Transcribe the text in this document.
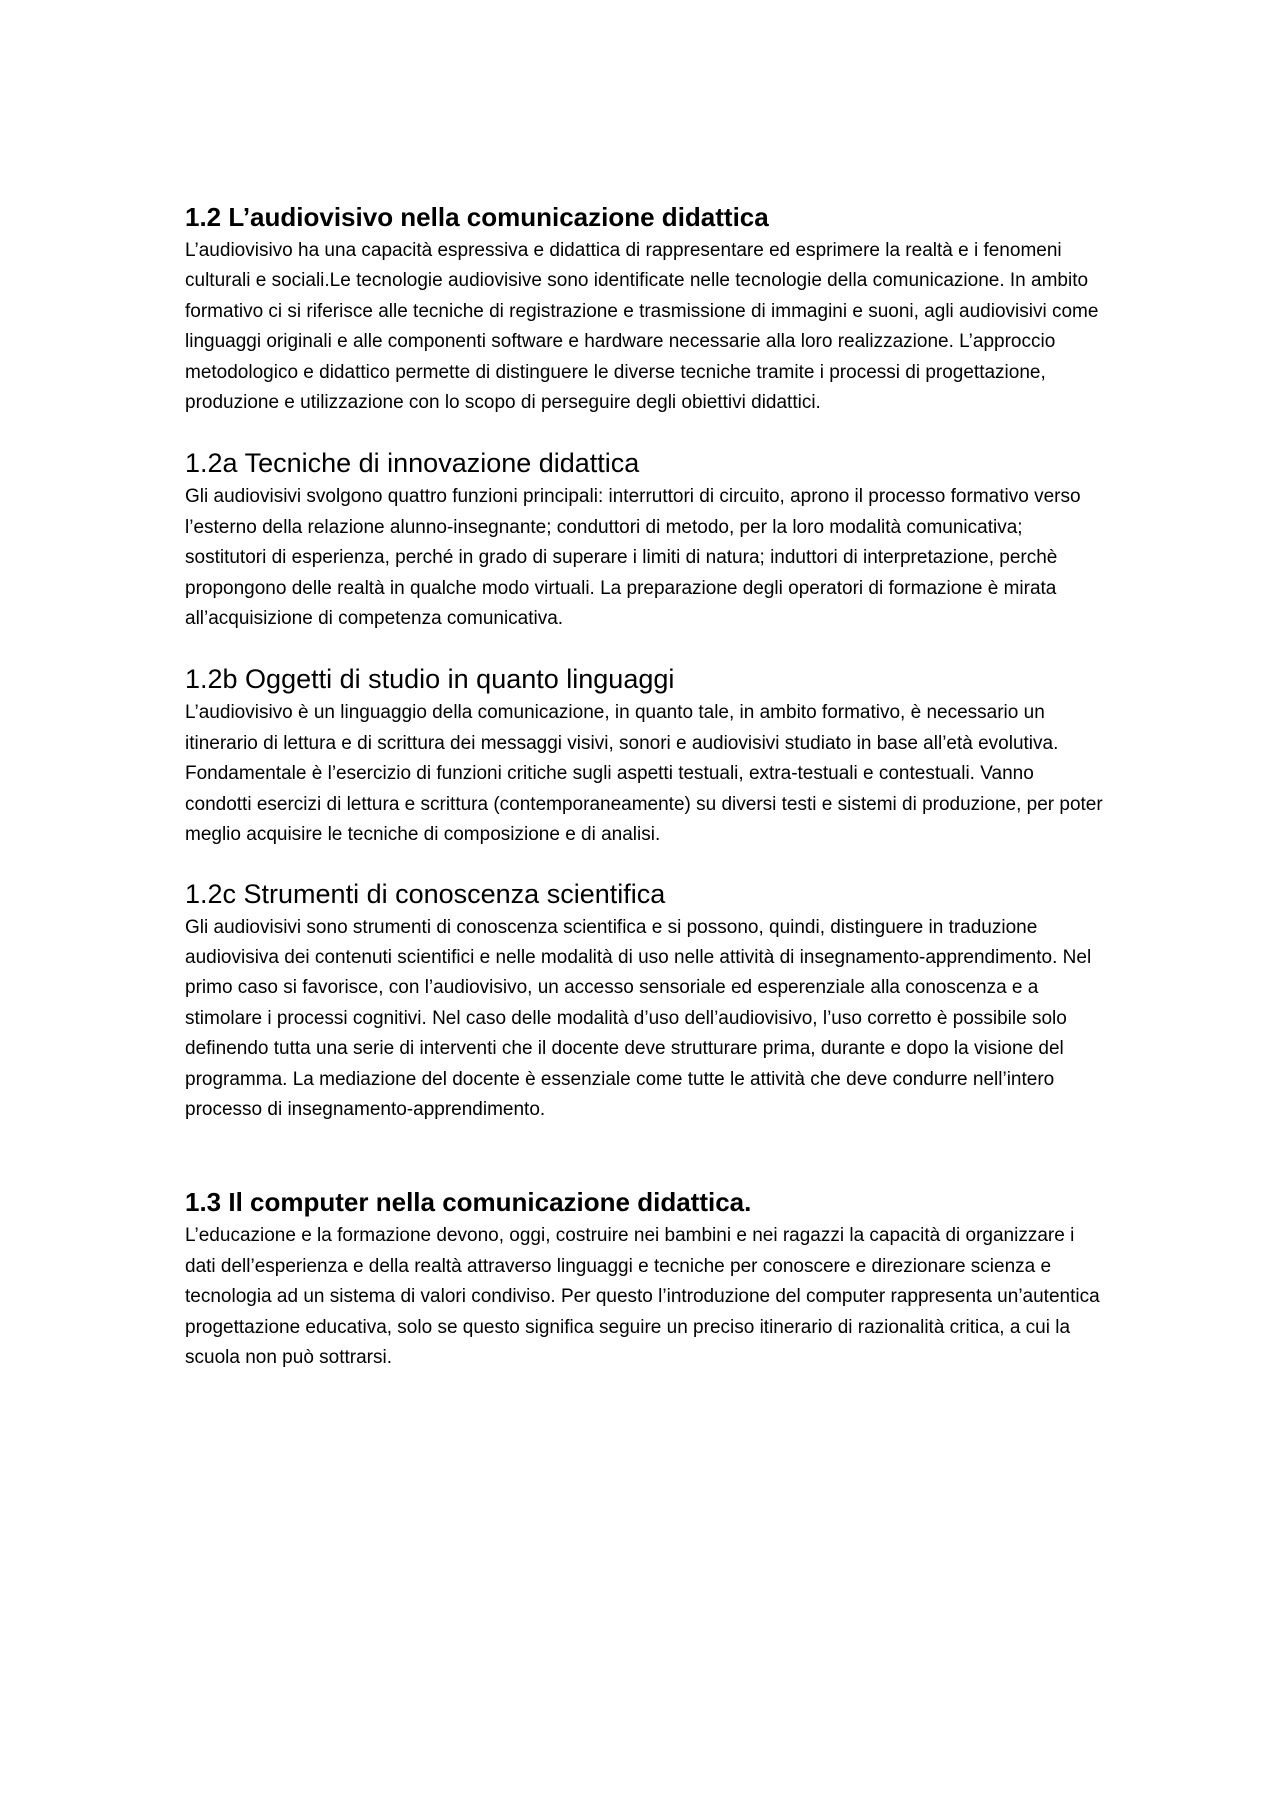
1.2 L’audiovisivo nella comunicazione didattica

L’audiovisivo ha una capacità espressiva e didattica di rappresentare ed esprimere la realtà e i fenomeni culturali e sociali.Le tecnologie audiovisive sono identificate nelle tecnologie della comunicazione. In ambito formativo ci si riferisce alle tecniche di registrazione e trasmissione di immagini e suoni, agli audiovisivi come linguaggi originali e alle componenti software e hardware necessarie alla loro realizzazione. L’approccio metodologico e didattico permette di distinguere le diverse tecniche tramite i processi di progettazione, produzione e utilizzazione con lo scopo di perseguire degli obiettivi didattici.

1.2a Tecniche di innovazione didattica

Gli audiovisivi svolgono quattro funzioni principali: interruttori di circuito, aprono il processo formativo verso l’esterno della relazione alunno-insegnante; conduttori di metodo, per la loro modalità comunicativa; sostitutori di esperienza, perché in grado di superare i limiti di natura; induttori di interpretazione, perchè propongono delle realtà in qualche modo virtuali. La preparazione degli operatori di formazione è mirata all’acquisizione di competenza comunicativa.

1.2b Oggetti di studio in quanto linguaggi

L’audiovisivo è un linguaggio della comunicazione, in quanto tale, in ambito formativo, è necessario un itinerario di lettura e di scrittura dei messaggi visivi, sonori e audiovisivi studiato in base all’età evolutiva. Fondamentale è l’esercizio di funzioni critiche sugli aspetti testuali, extra-testuali e contestuali. Vanno condotti esercizi di lettura e scrittura (contemporaneamente) su diversi testi e sistemi di produzione, per poter meglio acquisire le tecniche di composizione e di analisi.

1.2c Strumenti di conoscenza scientifica

Gli audiovisivi sono strumenti di conoscenza scientifica e si possono, quindi, distinguere in traduzione audiovisiva dei contenuti scientifici e nelle modalità di uso nelle attività di insegnamento-apprendimento. Nel primo caso si favorisce, con l’audiovisivo, un accesso sensoriale ed esperenziale alla conoscenza e a stimolare i processi cognitivi. Nel caso delle modalità d’uso dell’audiovisivo, l’uso corretto è possibile solo definendo tutta una serie di interventi che il docente deve strutturare prima, durante e dopo la visione del programma. La mediazione del docente è essenziale come tutte le attività che deve condurre nell’intero processo di insegnamento-apprendimento.

1.3 Il computer nella comunicazione didattica.

L’educazione e la formazione devono, oggi, costruire nei bambini e nei ragazzi la capacità di organizzare i dati dell’esperienza e della realtà attraverso linguaggi e tecniche per conoscere e direzionare scienza e tecnologia ad un sistema di valori condiviso. Per questo l’introduzione del computer rappresenta un’autentica progettazione educativa, solo se questo significa seguire un preciso itinerario di razionalità critica, a cui la scuola non può sottrarsi.
